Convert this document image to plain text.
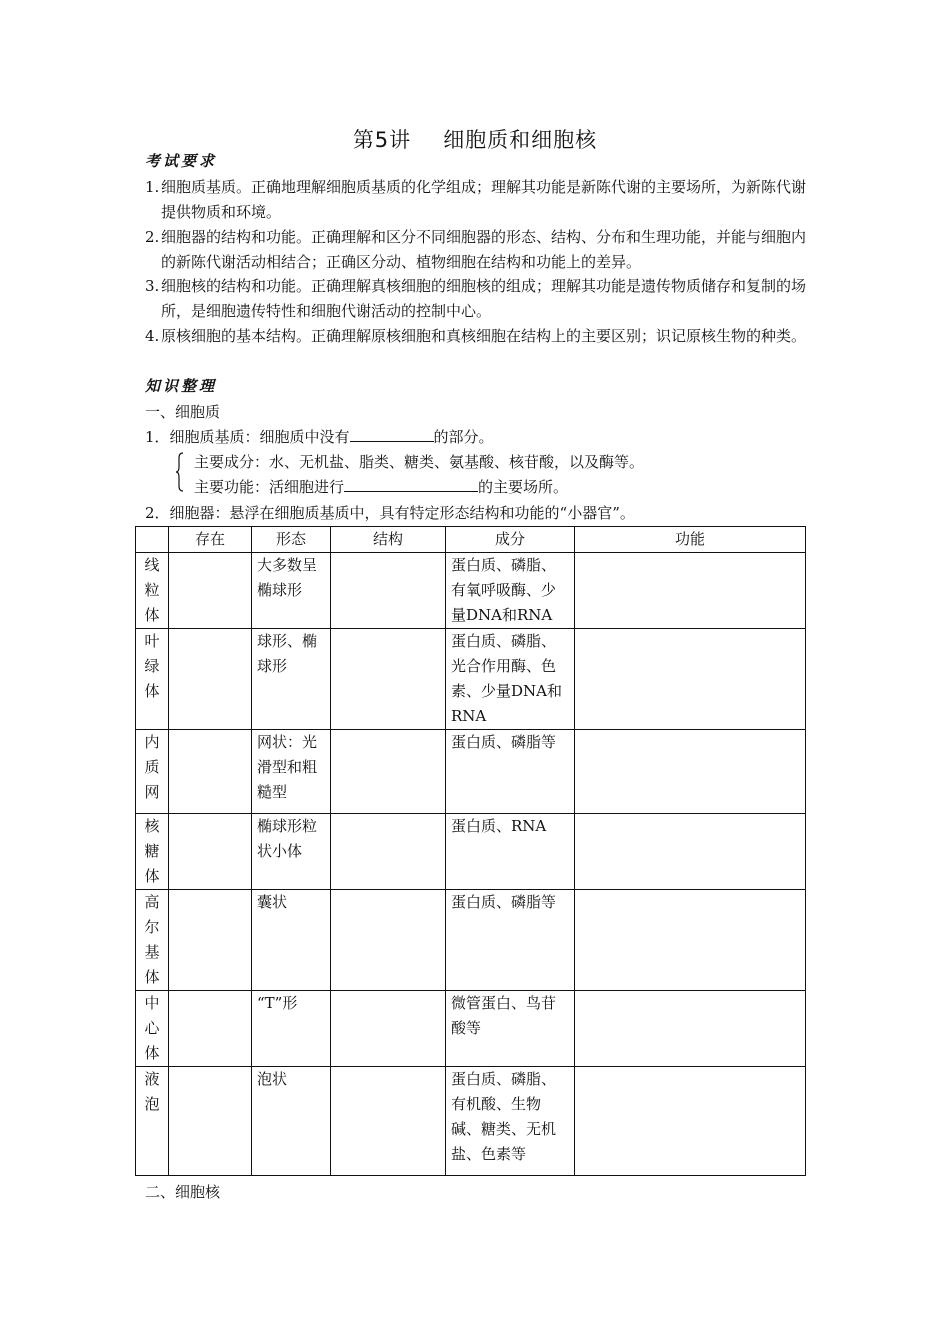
第5讲 细胞质和细胞核
考试要求
1. 细胞质基质。正确地理解细胞质基质的化学组成；理解其功能是新陈代谢的主要场所，为新陈代谢提供物质和环境。
2. 细胞器的结构和功能。正确理解和区分不同细胞器的形态、结构、分布和生理功能，并能与细胞内的新陈代谢活动相结合；正确区分动、植物细胞在结构和功能上的差异。
3. 细胞核的结构和功能。正确理解真核细胞的细胞核的组成；理解其功能是遗传物质储存和复制的场所，是细胞遗传特性和细胞代谢活动的控制中心。
4. 原核细胞的基本结构。正确理解原核细胞和真核细胞在结构上的主要区别；识记原核生物的种类。
知识整理
一、细胞质
1．细胞质基质：细胞质中没有	的部分。
主要成分：水、无机盐、脂类、糖类、氨基酸、核苷酸，以及酶等。
主要功能：活细胞进行	的主要场所。
2．细胞器：悬浮在细胞质基质中，具有特定形态结构和功能的“小器官”。
	存在	形态	结构	成分	功能

线
粒
体		大多数呈椭球形		蛋白质、磷脂、有氧呼吸酶、少量DNA和RNA	

叶
绿
体		球形、椭球形		蛋白质、磷脂、光合作用酶、色素、少量DNA和RNA	

内
质
网		网状：光滑型和粗糙型		蛋白质、磷脂等	

核
糖
体		椭球形粒状小体		蛋白质、RNA	

高
尔
基
体		囊状		蛋白质、磷脂等	

中
心
体		“T”形		微管蛋白、鸟苷酸等	

液
泡		泡状		蛋白质、磷脂、有机酸、生物碱、糖类、无机盐、色素等	
二、细胞核
